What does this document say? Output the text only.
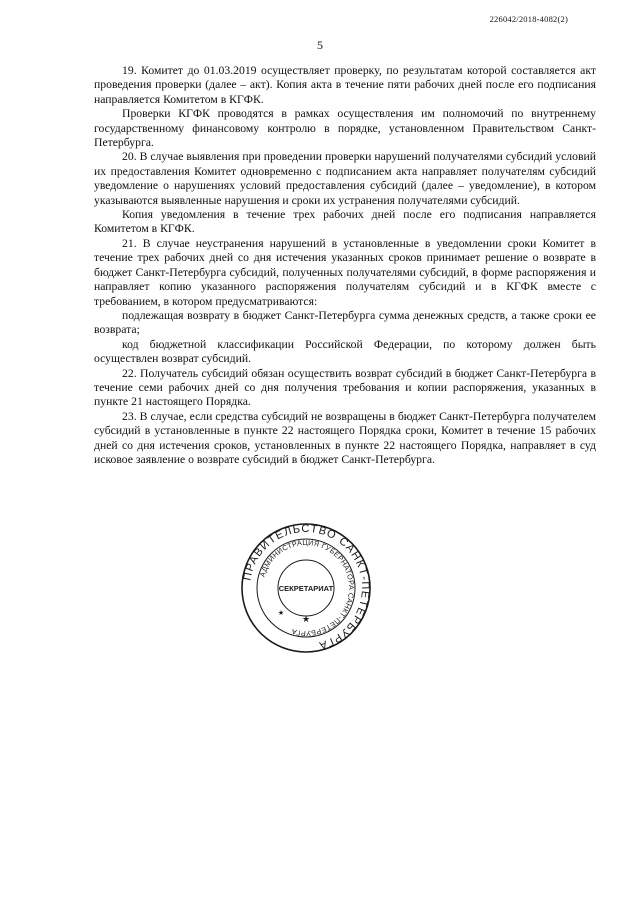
226042/2018-4082(2)
5

19. Комитет до 01.03.2019 осуществляет проверку, по результатам которой составляется акт проведения проверки (далее – акт). Копия акта в течение пяти рабочих дней после его подписания направляется Комитетом в КГФК.

Проверки КГФК проводятся в рамках осуществления им полномочий по внутреннему государственному финансовому контролю в порядке, установленном Правительством Санкт-Петербурга.

20. В случае выявления при проведении проверки нарушений получателями субсидий условий их предоставления Комитет одновременно с подписанием акта направляет получателям субсидий уведомление о нарушениях условий предоставления субсидий (далее – уведомление), в котором указываются выявленные нарушения и сроки их устранения получателями субсидий.

Копия уведомления в течение трех рабочих дней после его подписания направляется Комитетом в КГФК.

21. В случае неустранения нарушений в установленные в уведомлении сроки Комитет в течение трех рабочих дней со дня истечения указанных сроков принимает решение о возврате в бюджет Санкт-Петербурга субсидий, полученных получателями субсидий, в форме распоряжения и направляет копию указанного распоряжения получателям субсидий и в КГФК вместе с требованием, в котором предусматриваются:

подлежащая возврату в бюджет Санкт-Петербурга сумма денежных средств, а также сроки ее возврата;

код бюджетной классификации Российской Федерации, по которому должен быть осуществлен возврат субсидий.

22. Получатель субсидий обязан осуществить возврат субсидий в бюджет Санкт-Петербурга в течение семи рабочих дней со дня получения требования и копии распоряжения, указанных в пункте 21 настоящего Порядка.

23. В случае, если средства субсидий не возвращены в бюджет Санкт-Петербурга получателем субсидий в установленные в пункте 22 настоящего Порядка сроки, Комитет в течение 15 рабочих дней со дня истечения сроков, установленных в пункте 22 настоящего Порядка, направляет в суд исковое заявление о возврате субсидий в бюджет Санкт-Петербурга.

ПРАВИТЕЛЬСТВО САНКТ-ПЕТЕРБУРГА
АДМИНИСТРАЦИЯ ГУБЕРНАТОРА САНКТ-ПЕТЕРБУРГА
СЕКРЕТАРИАТ
★
★
